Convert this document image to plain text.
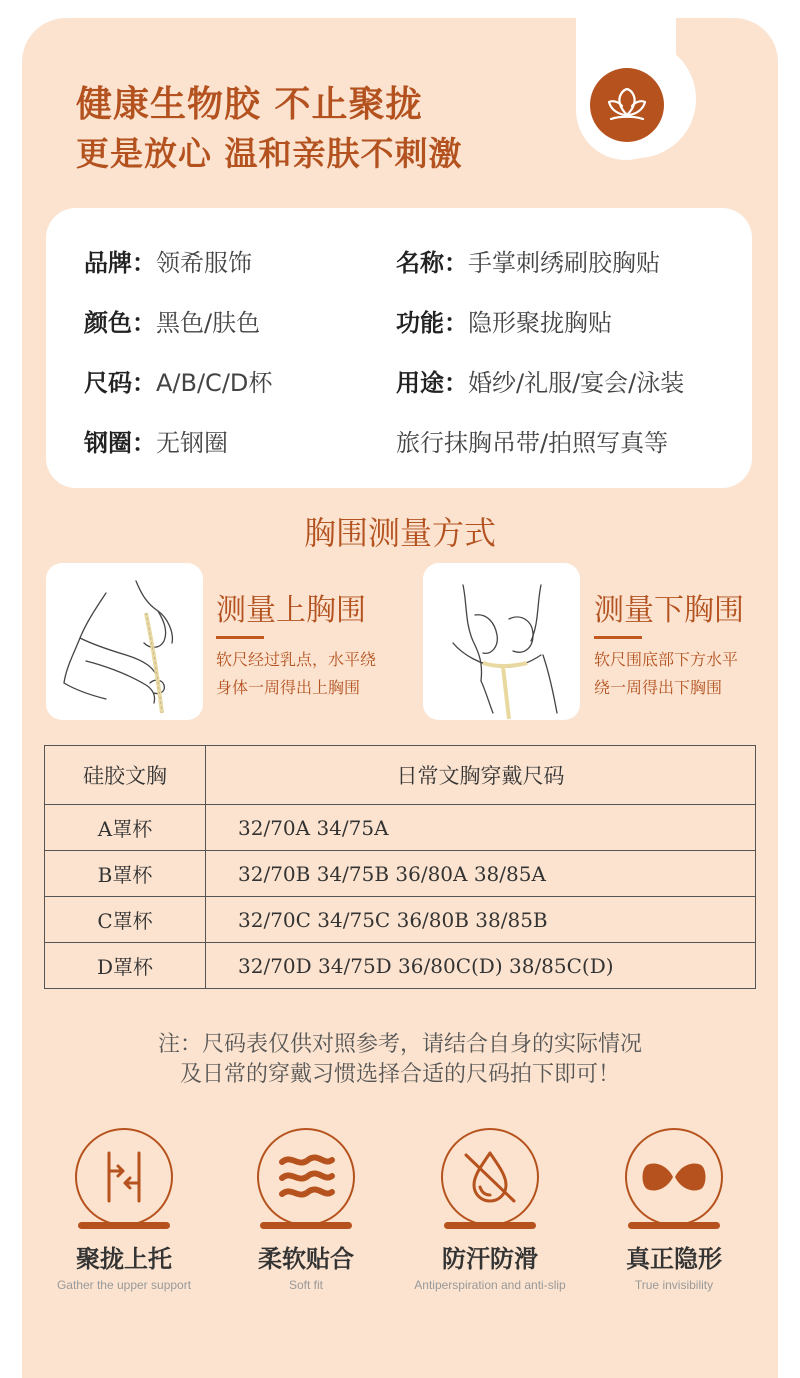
健康生物胶 不止聚拢
更是放心 温和亲肤不刺激
品牌：领希服饰	名称：手掌刺绣刷胶胸贴
颜色：黑色/肤色	功能：隐形聚拢胸贴
尺码：A/B/C/D杯	用途：婚纱/礼服/宴会/泳装
钢圈：无钢圈	旅行抹胸吊带/拍照写真等
胸围测量方式
测量上胸围
软尺经过乳点，水平绕
身体一周得出上胸围
测量下胸围
软尺围底部下方水平
绕一周得出下胸围
硅胶文胸	日常文胸穿戴尺码
A罩杯	32/70A 34/75A
B罩杯	32/70B 34/75B 36/80A 38/85A
C罩杯	32/70C 34/75C 36/80B 38/85B
D罩杯	32/70D 34/75D 36/80C(D) 38/85C(D)
注：尺码表仅供对照参考，请结合自身的实际情况
及日常的穿戴习惯选择合适的尺码拍下即可！
聚拢上托
Gather the upper support
柔软贴合
Soft fit
防汗防滑
Antiperspiration and anti-slip
真正隐形
True invisibility
